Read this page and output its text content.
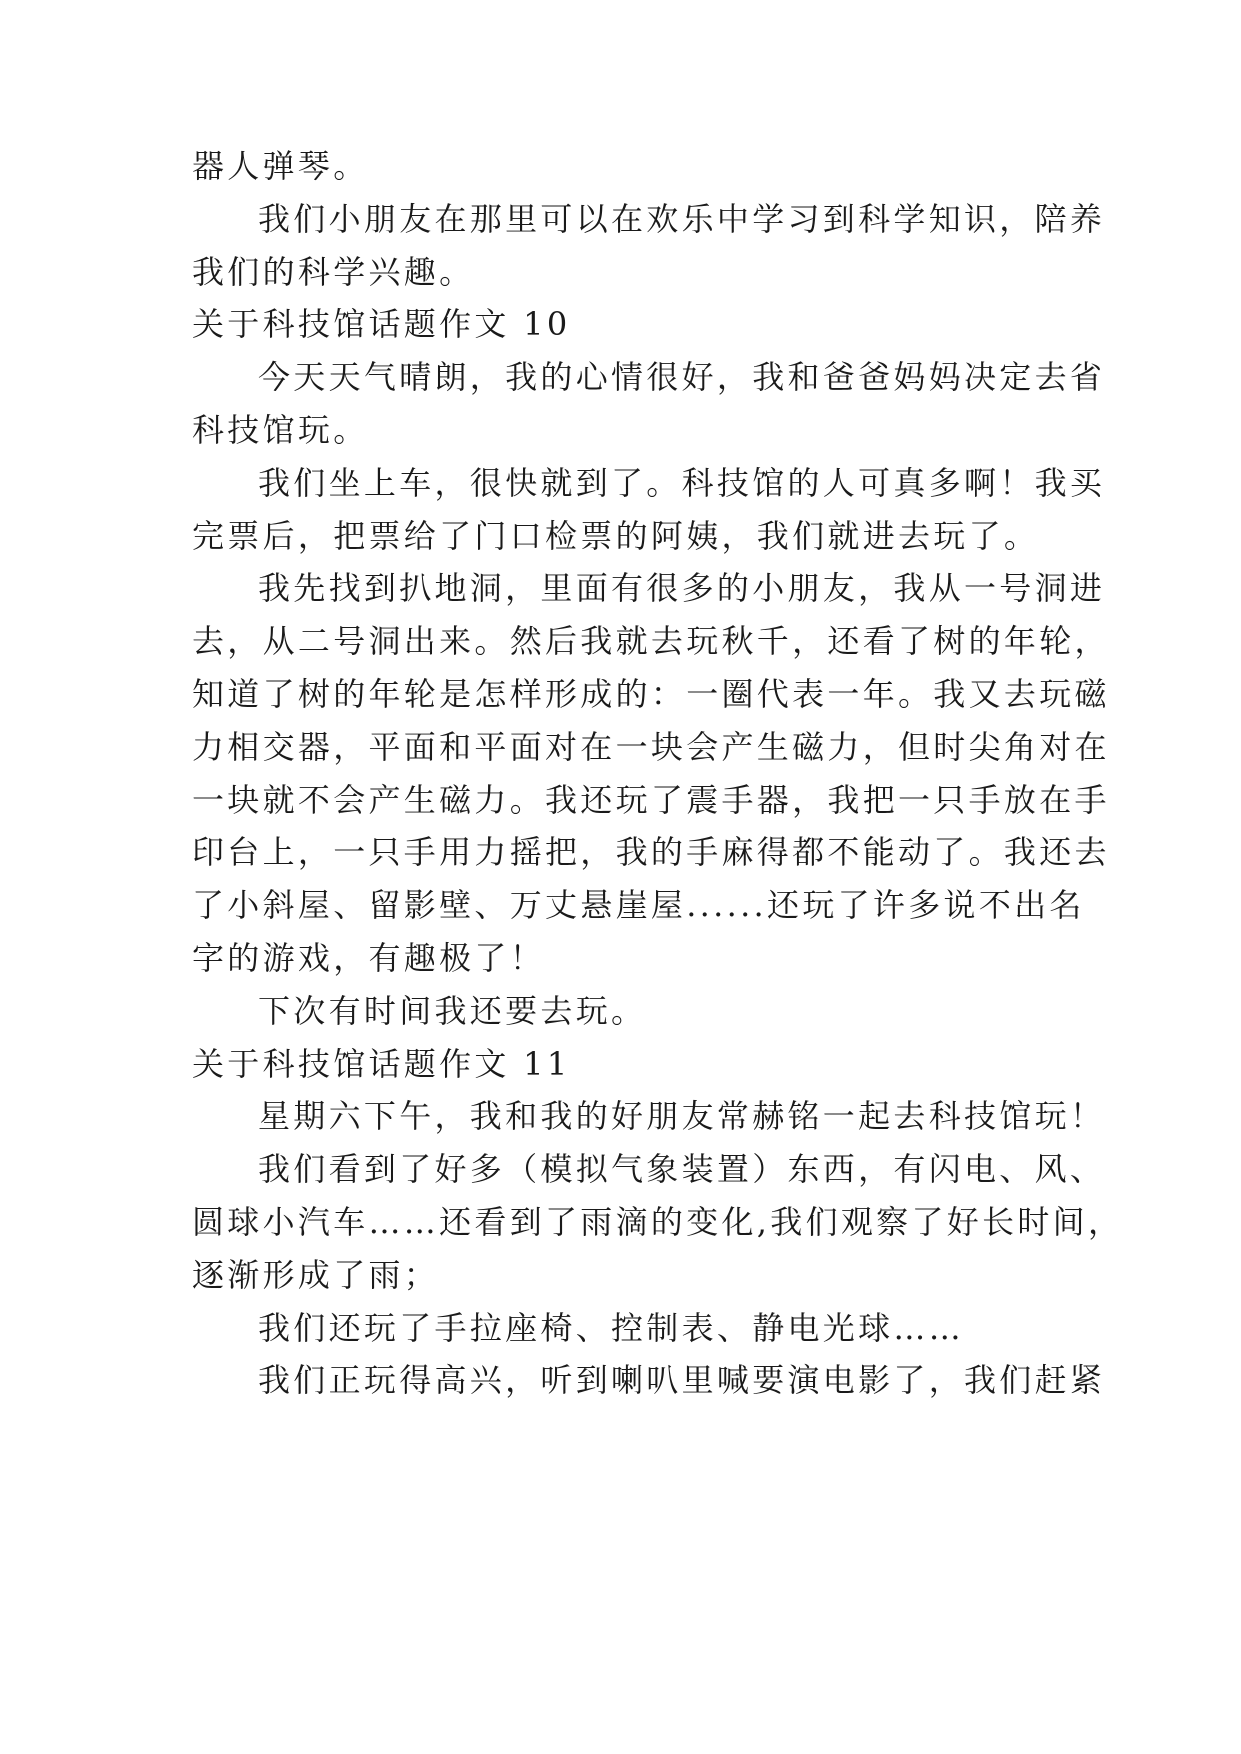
器人弹琴。
我们小朋友在那里可以在欢乐中学习到科学知识，陪养
我们的科学兴趣。
关于科技馆话题作文 10
今天天气晴朗，我的心情很好，我和爸爸妈妈决定去省
科技馆玩。
我们坐上车，很快就到了。科技馆的人可真多啊！我买
完票后，把票给了门口检票的阿姨，我们就进去玩了。
我先找到扒地洞，里面有很多的小朋友，我从一号洞进
去，从二号洞出来。然后我就去玩秋千，还看了树的年轮，
知道了树的年轮是怎样形成的：一圈代表一年。我又去玩磁
力相交器，平面和平面对在一块会产生磁力，但时尖角对在
一块就不会产生磁力。我还玩了震手器，我把一只手放在手
印台上，一只手用力摇把，我的手麻得都不能动了。我还去
了小斜屋、留影壁、万丈悬崖屋......还玩了许多说不出名
字的游戏，有趣极了！
下次有时间我还要去玩。
关于科技馆话题作文 11
星期六下午，我和我的好朋友常赫铭一起去科技馆玩！
我们看到了好多（模拟气象装置）东西，有闪电、风、
圆球小汽车……还看到了雨滴的变化,我们观察了好长时间，
逐渐形成了雨；
我们还玩了手拉座椅、控制表、静电光球……
我们正玩得高兴，听到喇叭里喊要演电影了，我们赶紧
